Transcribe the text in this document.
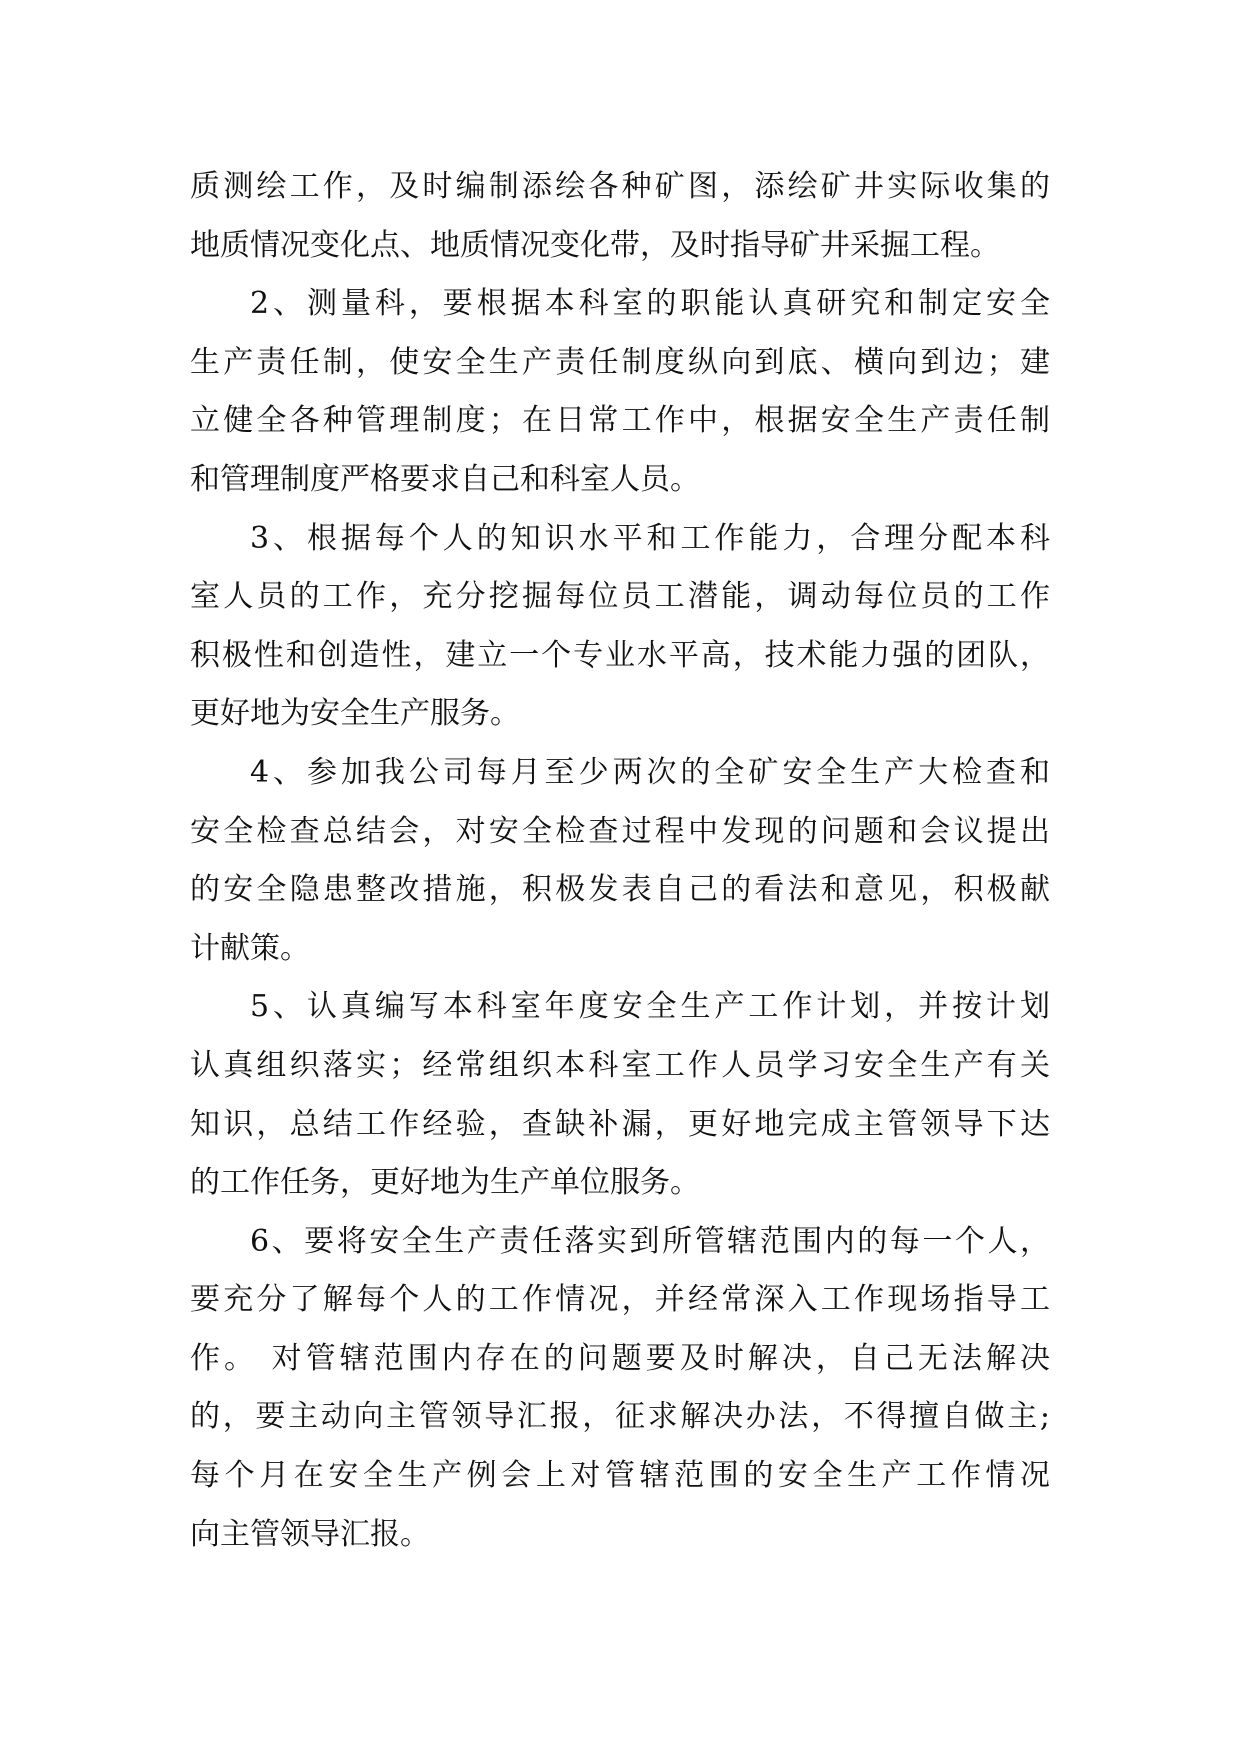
质测绘工作，及时编制添绘各种矿图，添绘矿井实际收集的
地质情况变化点、地质情况变化带，及时指导矿井采掘工程。
2、测量科，要根据本科室的职能认真研究和制定安全
生产责任制，使安全生产责任制度纵向到底、横向到边；建
立健全各种管理制度；在日常工作中，根据安全生产责任制
和管理制度严格要求自己和科室人员。
3、根据每个人的知识水平和工作能力，合理分配本科
室人员的工作，充分挖掘每位员工潜能，调动每位员的工作
积极性和创造性，建立一个专业水平高，技术能力强的团队，
更好地为安全生产服务。
4、参加我公司每月至少两次的全矿安全生产大检查和
安全检查总结会，对安全检查过程中发现的问题和会议提出
的安全隐患整改措施，积极发表自己的看法和意见，积极献
计献策。
5、认真编写本科室年度安全生产工作计划，并按计划
认真组织落实；经常组织本科室工作人员学习安全生产有关
知识，总结工作经验，查缺补漏，更好地完成主管领导下达
的工作任务，更好地为生产单位服务。
6、要将安全生产责任落实到所管辖范围内的每一个人，
要充分了解每个人的工作情况，并经常深入工作现场指导工
作。 对管辖范围内存在的问题要及时解决，自己无法解决
的，要主动向主管领导汇报，征求解决办法，不得擅自做主;
每个月在安全生产例会上对管辖范围的安全生产工作情况
向主管领导汇报。
